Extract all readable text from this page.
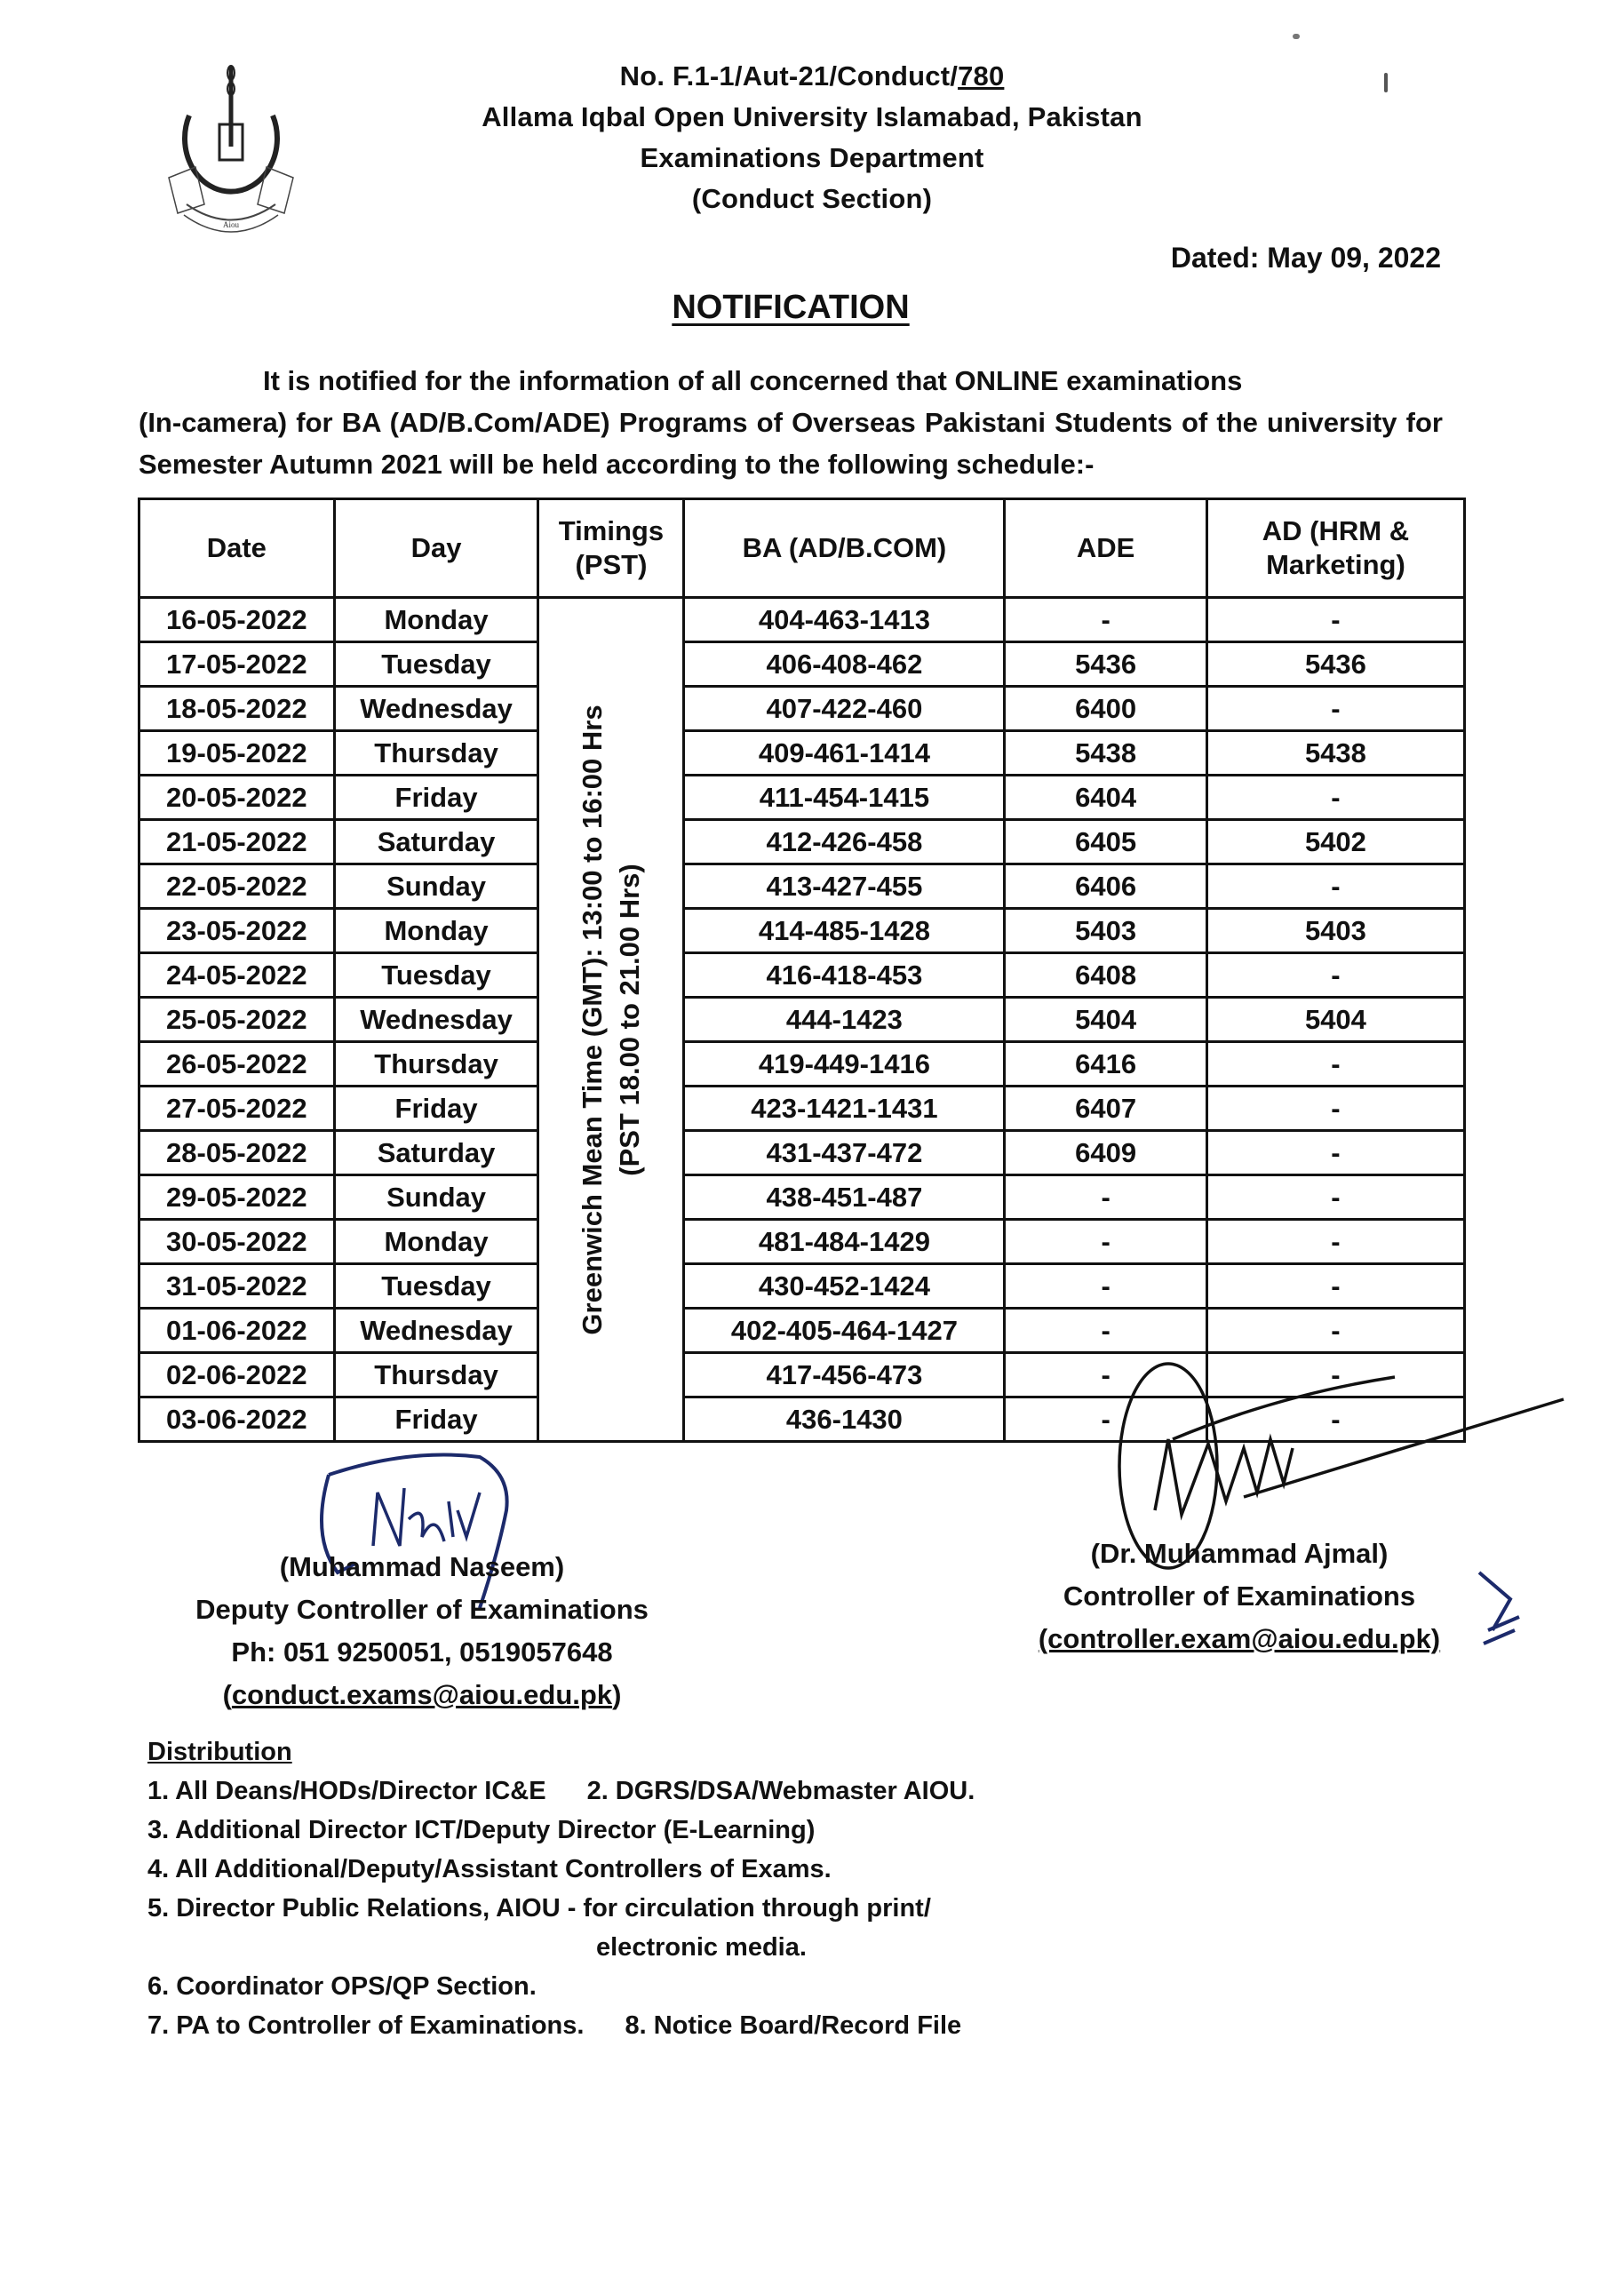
Aiou
No. F.1-1/Aut-21/Conduct/780
Allama Iqbal Open University Islamabad, Pakistan
Examinations Department
(Conduct Section)
Dated: May 09, 2022
NOTIFICATION
It is notified for the information of all concerned that ONLINE examinations
(In-camera) for BA (AD/B.Com/ADE) Programs of Overseas Pakistani Students of the university for Semester Autumn 2021 will be held according to the following schedule:-
Date	Day	Timings (PST)	BA (AD/B.COM)	ADE	AD (HRM & Marketing)
16-05-2022	Monday	Greenwich Mean Time (GMT): 13:00 to 16:00 Hrs (PST 18.00 to 21.00 Hrs)	404-463-1413	-	-
17-05-2022	Tuesday		406-408-462	5436	5436
18-05-2022	Wednesday		407-422-460	6400	-
19-05-2022	Thursday		409-461-1414	5438	5438
20-05-2022	Friday		411-454-1415	6404	-
21-05-2022	Saturday		412-426-458	6405	5402
22-05-2022	Sunday		413-427-455	6406	-
23-05-2022	Monday		414-485-1428	5403	5403
24-05-2022	Tuesday		416-418-453	6408	-
25-05-2022	Wednesday		444-1423	5404	5404
26-05-2022	Thursday		419-449-1416	6416	-
27-05-2022	Friday		423-1421-1431	6407	-
28-05-2022	Saturday		431-437-472	6409	-
29-05-2022	Sunday		438-451-487	-	-
30-05-2022	Monday		481-484-1429	-	-
31-05-2022	Tuesday		430-452-1424	-	-
01-06-2022	Wednesday		402-405-464-1427	-	-
02-06-2022	Thursday		417-456-473	-	-
03-06-2022	Friday		436-1430	-	-
(Muhammad Naseem)
Deputy Controller of Examinations
Ph: 051 9250051, 0519057648
(conduct.exams@aiou.edu.pk)
(Dr. Muhammad Ajmal)
Controller of Examinations
(controller.exam@aiou.edu.pk)
Distribution
1. All Deans/HODs/Director IC&E 2. DGRS/DSA/Webmaster AIOU.
3. Additional Director ICT/Deputy Director (E-Learning)
4. All Additional/Deputy/Assistant Controllers of Exams.
5. Director Public Relations, AIOU - for circulation through print/
electronic media.
6. Coordinator OPS/QP Section.
7. PA to Controller of Examinations. 8. Notice Board/Record File
